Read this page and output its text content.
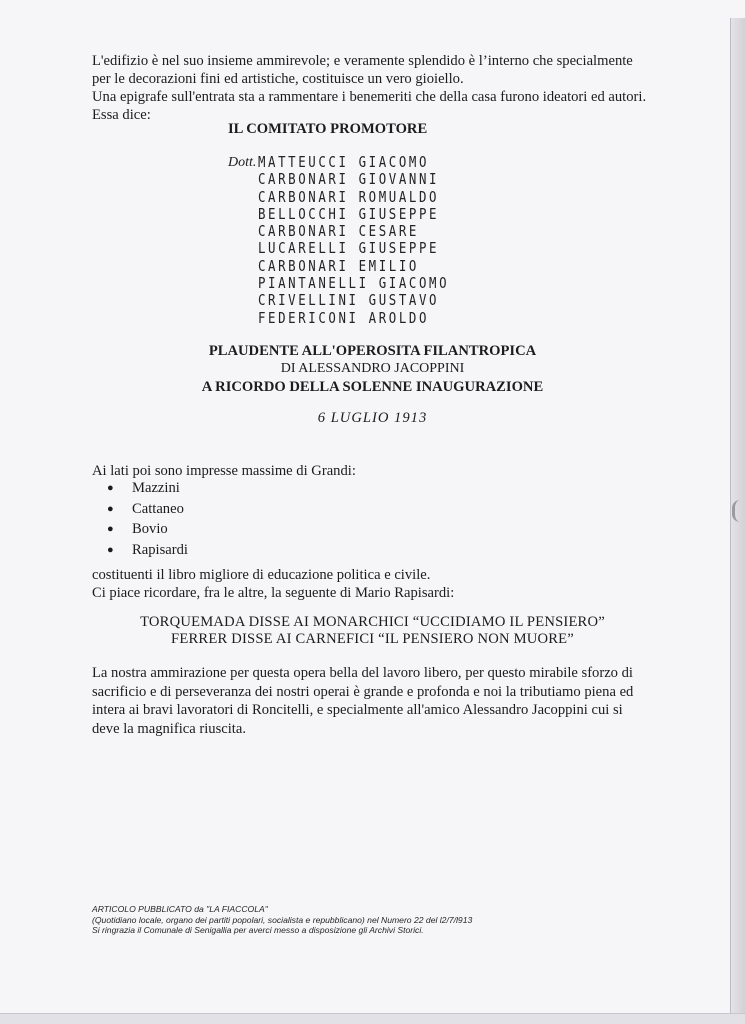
L'edifizio è nel suo insieme ammirevole; e veramente splendido è l’interno che specialmente
per le decorazioni fini ed artistiche, costituisce un vero gioiello.
Una epigrafe sull'entrata sta a rammentare i benemeriti che della casa furono ideatori ed autori.
Essa dice:

IL COMITATO PROMOTORE

Dott. MATTEUCCI GIACOMO
CARBONARI GIOVANNI
CARBONARI ROMUALDO
BELLOCCHI GIUSEPPE
CARBONARI CESARE
LUCARELLI GIUSEPPE
CARBONARI EMILIO
PIANTANELLI GIACOMO
CRIVELLINI GUSTAVO
FEDERICONI AROLDO

PLAUDENTE ALL'OPEROSITA FILANTROPICA

DI ALESSANDRO JACOPPINI

A RICORDO DELLA SOLENNE INAUGURAZIONE

6 LUGLIO 1913

Ai lati poi sono impresse massime di Grandi:

● Mazzini
● Cattaneo
● Bovio
● Rapisardi

costituenti il libro migliore di educazione politica e civile.

Ci piace ricordare, fra le altre, la seguente di Mario Rapisardi:

TORQUEMADA DISSE AI MONARCHICI “UCCIDIAMO IL PENSIERO”

FERRER DISSE AI CARNEFICI “IL PENSIERO NON MUORE”

La nostra ammirazione per questa opera bella del lavoro libero, per questo mirabile sforzo di
sacrificio e di perseveranza dei nostri operai è grande e profonda e noi la tributiamo piena ed
intera ai bravi lavoratori di Roncitelli, e specialmente all'amico Alessandro Jacoppini cui si
deve la magnifica riuscita.

ARTICOLO PUBBLICATO da "LA FIACCOLA"
(Quotidiano locale, organo dei partiti popolari, socialista e repubblicano) nel Numero 22 del l2/7/l913
Si ringrazia il Comunale di Senigallia per averci messo a disposizione gli Archivi Storici.
